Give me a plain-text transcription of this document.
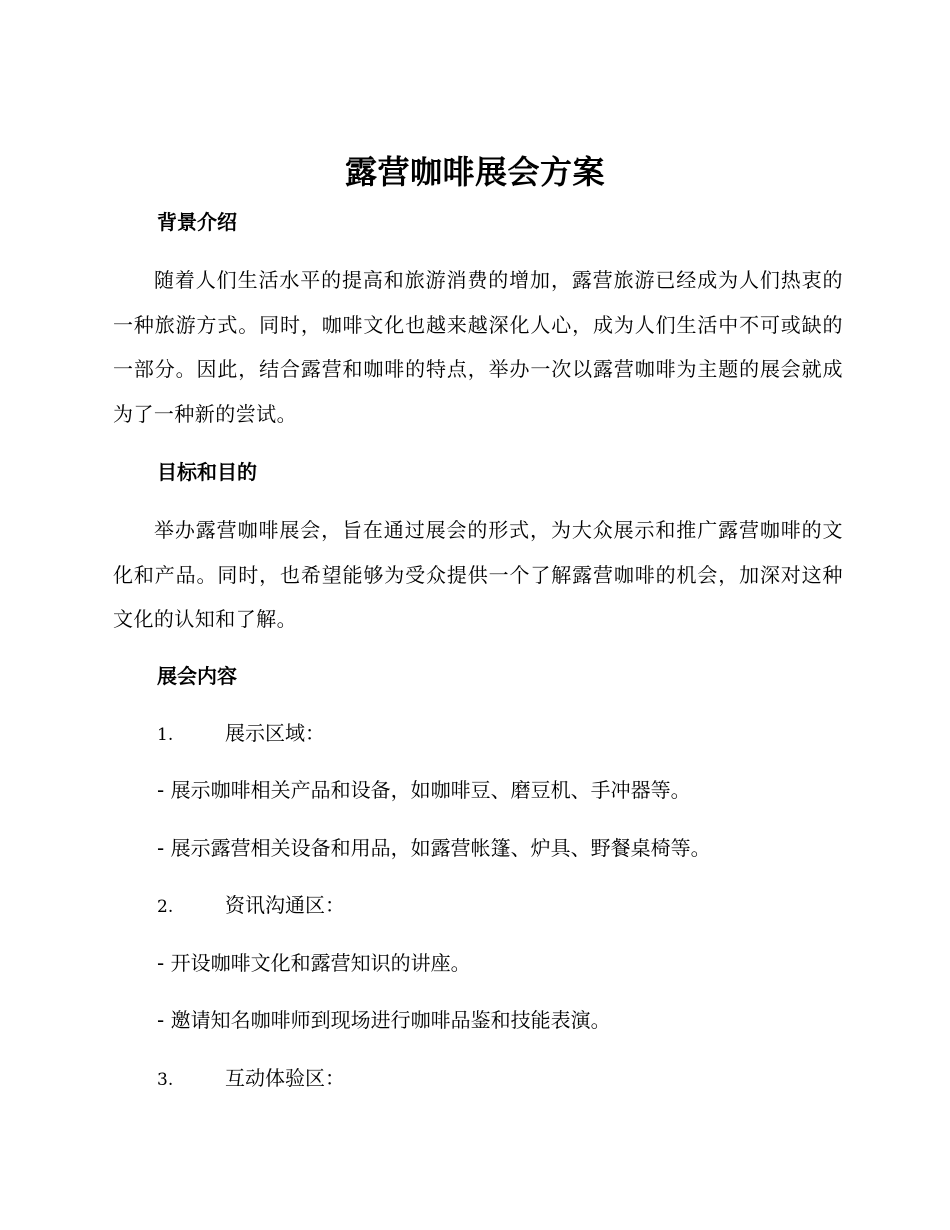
露营咖啡展会方案
背景介绍

随着人们生活水平的提高和旅游消费的增加，露营旅游已经成为人们热衷的一种旅游方式。同时，咖啡文化也越来越深化人心，成为人们生活中不可或缺的一部分。因此，结合露营和咖啡的特点，举办一次以露营咖啡为主题的展会就成为了一种新的尝试。

目标和目的

举办露营咖啡展会，旨在通过展会的形式，为大众展示和推广露营咖啡的文化和产品。同时，也希望能够为受众提供一个了解露营咖啡的机会，加深对这种文化的认知和了解。

展会内容
1.	展示区域：
- 展示咖啡相关产品和设备，如咖啡豆、磨豆机、手冲器等。
- 展示露营相关设备和用品，如露营帐篷、炉具、野餐桌椅等。
2.	资讯沟通区：
- 开设咖啡文化和露营知识的讲座。
- 邀请知名咖啡师到现场进行咖啡品鉴和技能表演。
3.	互动体验区：
